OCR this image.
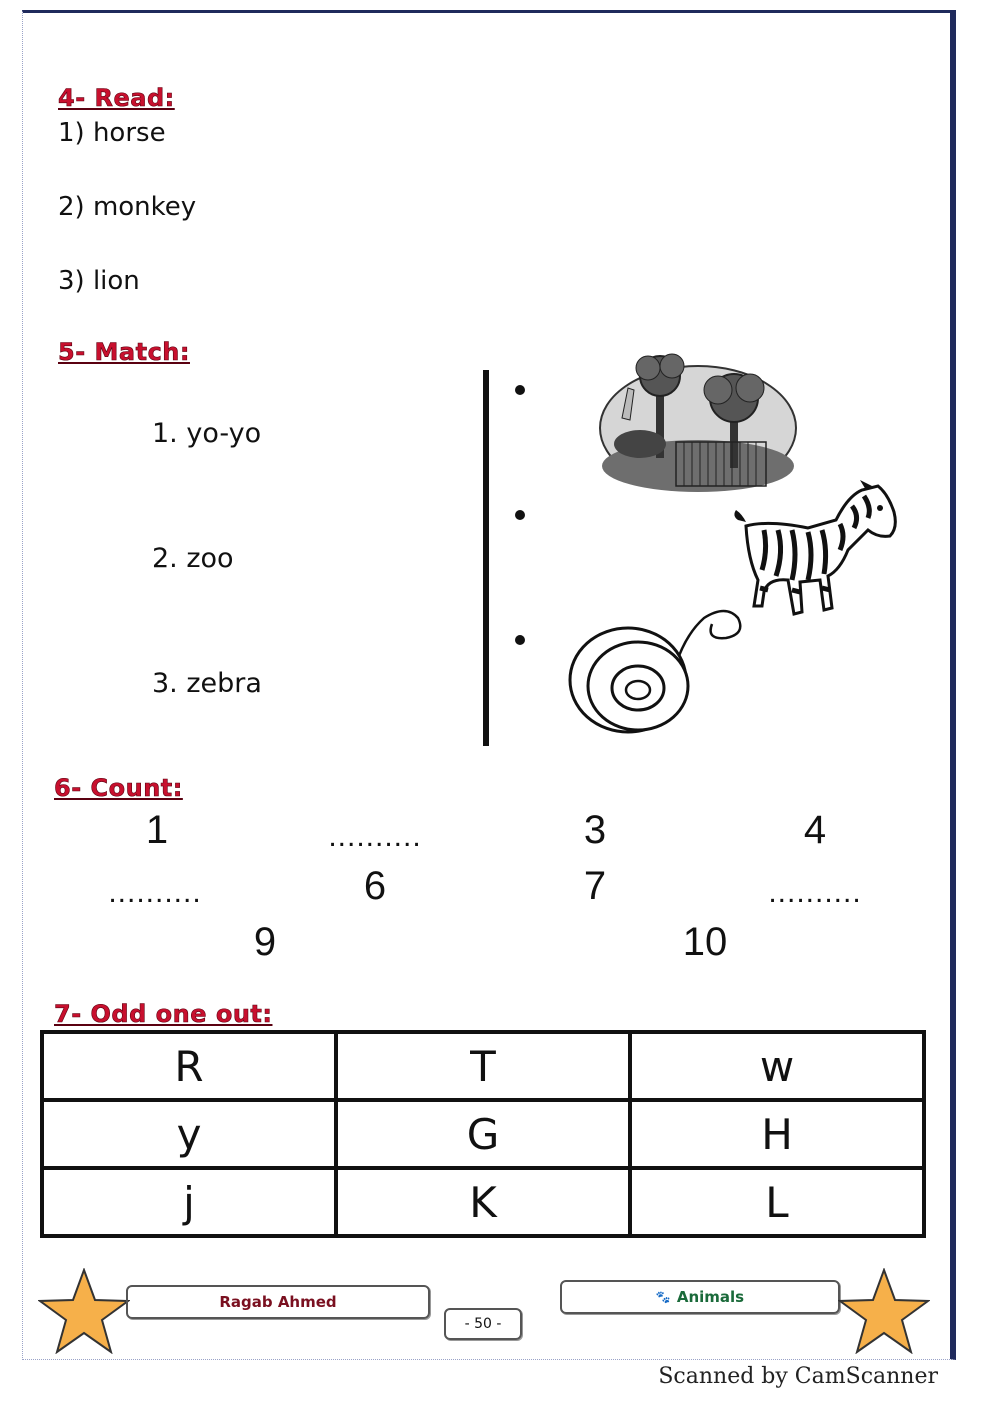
4- Read:
1) horse
2) monkey
3) lion
5- Match:
1. yo-yo
2. zoo
3. zebra
6- Count:
1	..........	3	4
..........	6	7	..........
9	10
7- Odd one out:
R	T	w
y	G	H
j	K	L
Ragab Ahmed
- 50 -
🐾 Animals
Scanned by CamScanner
